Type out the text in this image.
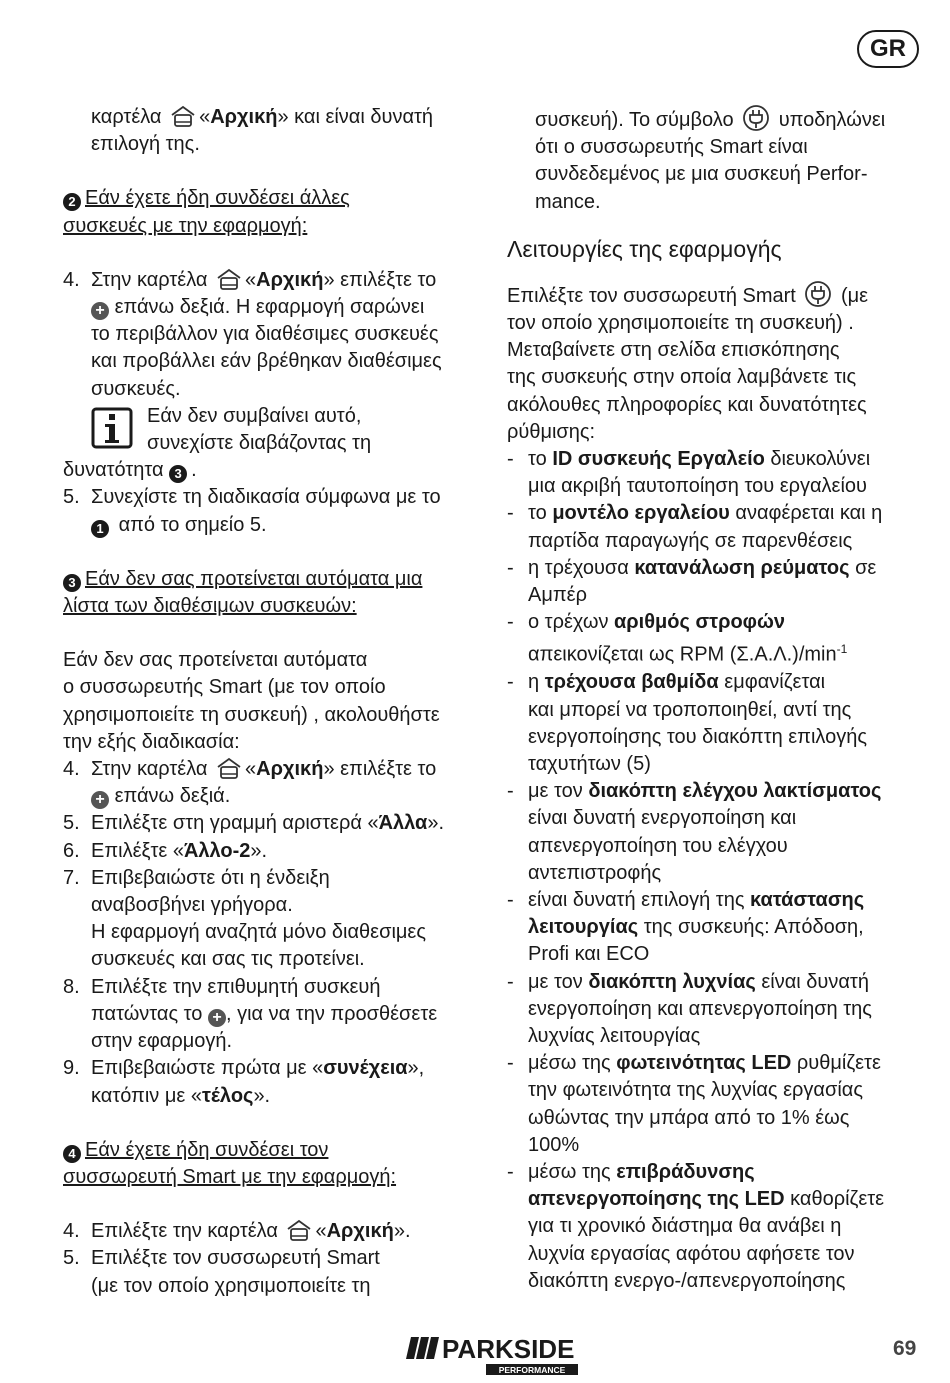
GR
καρτέλα «Αρχική» και είναι δυνατή
επιλογή της.
2 Εάν έχετε ήδη συνδέσει άλλες
συσκευές με την εφαρμογή:
4. Στην καρτέλα «Αρχική» επιλέξτε το
+ επάνω δεξιά. Η εφαρμογή σαρώνει
το περιβάλλον για διαθέσιμες συσκευές
και προβάλλει εάν βρέθηκαν διαθέσιμες
συσκευές.
Εάν δεν συμβαίνει αυτό,
συνεχίστε διαβάζοντας τη
δυνατότητα 3 .
5. Συνεχίστε τη διαδικασία σύμφωνα με το
1 από το σημείο 5.
3 Εάν δεν σας προτείνεται αυτόματα μια
λίστα των διαθέσιμων συσκευών:
Εάν δεν σας προτείνεται αυτόματα
ο συσσωρευτής Smart (με τον οποίο
χρησιμοποιείτε τη συσκευή) , ακολουθήστε
την εξής διαδικασία:
4. Στην καρτέλα «Αρχική» επιλέξτε το
+ επάνω δεξιά.
5. Επιλέξτε στη γραμμή αριστερά «Άλλα».
6. Επιλέξτε «Άλλο-2».
7. Επιβεβαιώστε ότι η ένδειξη
αναβοσβήνει γρήγορα.
Η εφαρμογή αναζητά μόνο διαθεσιμες
συσκευές και σας τις προτείνει.
8. Επιλέξτε την επιθυμητή συσκευή
πατώντας το + , για να την προσθέσετε
στην εφαρμογή.
9. Επιβεβαιώστε πρώτα με «συνέχεια»,
κατόπιν με «τέλος».
4 Εάν έχετε ήδη συνδέσει τον
συσσωρευτή Smart με την εφαρμογή:
4. Επιλέξτε την καρτέλα «Αρχική».
5. Επιλέξτε τον συσσωρευτή Smart
(με τον οποίο χρησιμοποιείτε τη
συσκευή). Το σύμβολο υποδηλώνει
ότι ο συσσωρευτής Smart είναι
συνδεδεμένος με μια συσκευή Perfor-
mance.
Λειτουργίες της εφαρμογής
Επιλέξτε τον συσσωρευτή Smart (με
τον οποίο χρησιμοποιείτε τη συσκευή) .
Μεταβαίνετε στη σελίδα επισκόπησης
της συσκευής στην οποία λαμβάνετε τις
ακόλουθες πληροφορίες και δυνατότητες
ρύθμισης:
- το ID συσκευής Εργαλείο διευκολύνει
μια ακριβή ταυτοποίηση του εργαλείου
- το μοντέλο εργαλείου αναφέρεται και η
παρτίδα παραγωγής σε παρενθέσεις
- η τρέχουσα κατανάλωση ρεύματος σε
Αμπέρ
- ο τρέχων αριθμός στροφών
απεικονίζεται ως RPM $(\Sigma.A.\Lambda.)/\min^{-1}$
- η τρέχουσα βαθμίδα εμφανίζεται
και μπορεί να τροποποιηθεί, αντί της
ενεργοποίησης του διακόπτη επιλογής
ταχυτήτων (5)
- με τον διακόπτη ελέγχου λακτίσματος
είναι δυνατή ενεργοποίηση και
απενεργοποίηση του ελέγχου
αντεπιστροφής
- είναι δυνατή επιλογή της κατάστασης
λειτουργίας της συσκευής: Απόδοση,
Profi και ECO
- με τον διακόπτη λυχνίας είναι δυνατή
ενεργοποίηση και απενεργοποίηση της
λυχνίας λειτουργίας
- μέσω της φωτεινότητας LED ρυθμίζετε
την φωτεινότητα της λυχνίας εργασίας
ωθώντας την μπάρα από το 1% έως
100%
- μέσω της επιβράδυνσης
απενεργοποίησης της LED καθορίζετε
για τι χρονικό διάστημα θα ανάβει η
λυχνία εργασίας αφότου αφήσετε τον
διακόπτη ενεργο-/απενεργοποίησης
PARKSIDE
PERFORMANCE
69
